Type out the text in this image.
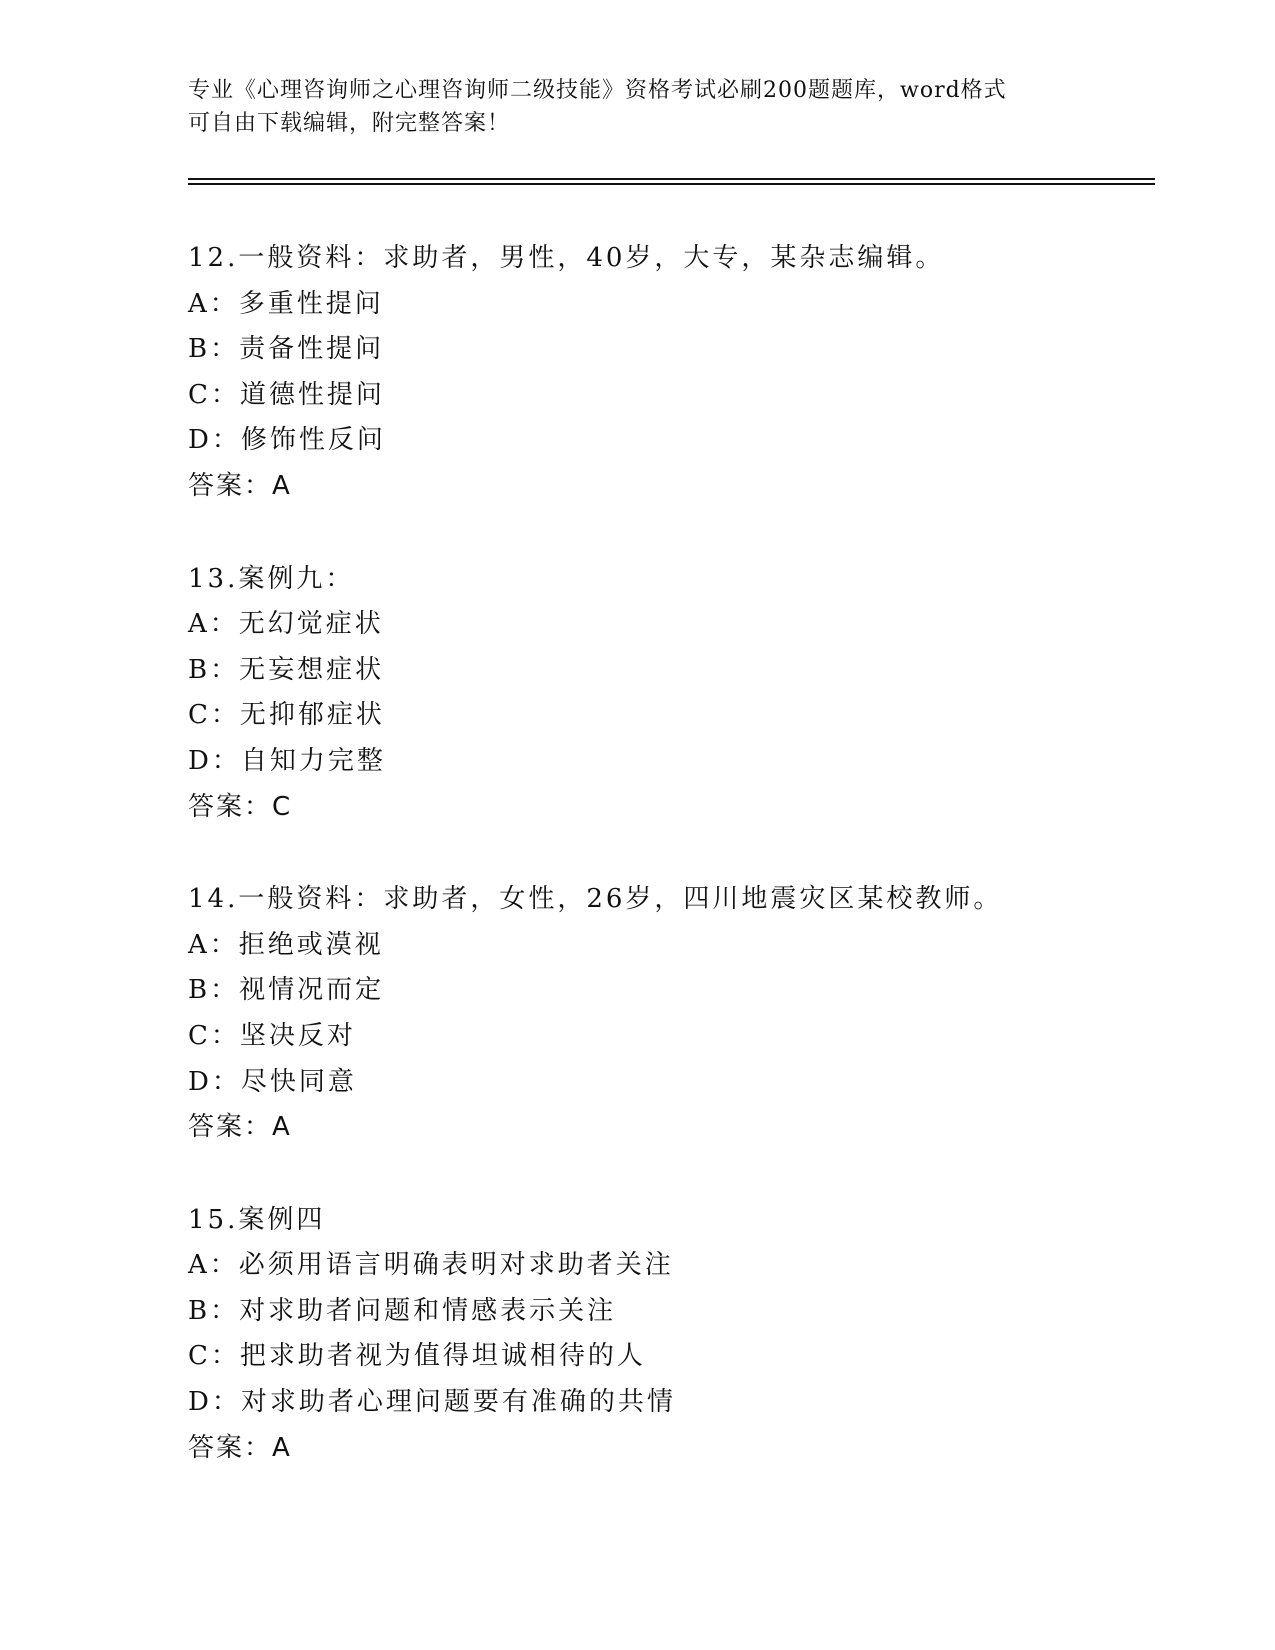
专业《心理咨询师之心理咨询师二级技能》资格考试必刷200题题库，word格式
可自由下载编辑，附完整答案！
12.一般资料：求助者，男性，40岁，大专，某杂志编辑。
A：多重性提问
B：责备性提问
C：道德性提问
D：修饰性反问
答案：A
13.案例九：
A：无幻觉症状
B：无妄想症状
C：无抑郁症状
D：自知力完整
答案：C
14.一般资料：求助者，女性，26岁，四川地震灾区某校教师。
A：拒绝或漠视
B：视情况而定
C：坚决反对
D：尽快同意
答案：A
15.案例四
A：必须用语言明确表明对求助者关注
B：对求助者问题和情感表示关注
C：把求助者视为值得坦诚相待的人
D：对求助者心理问题要有准确的共情
答案：A
